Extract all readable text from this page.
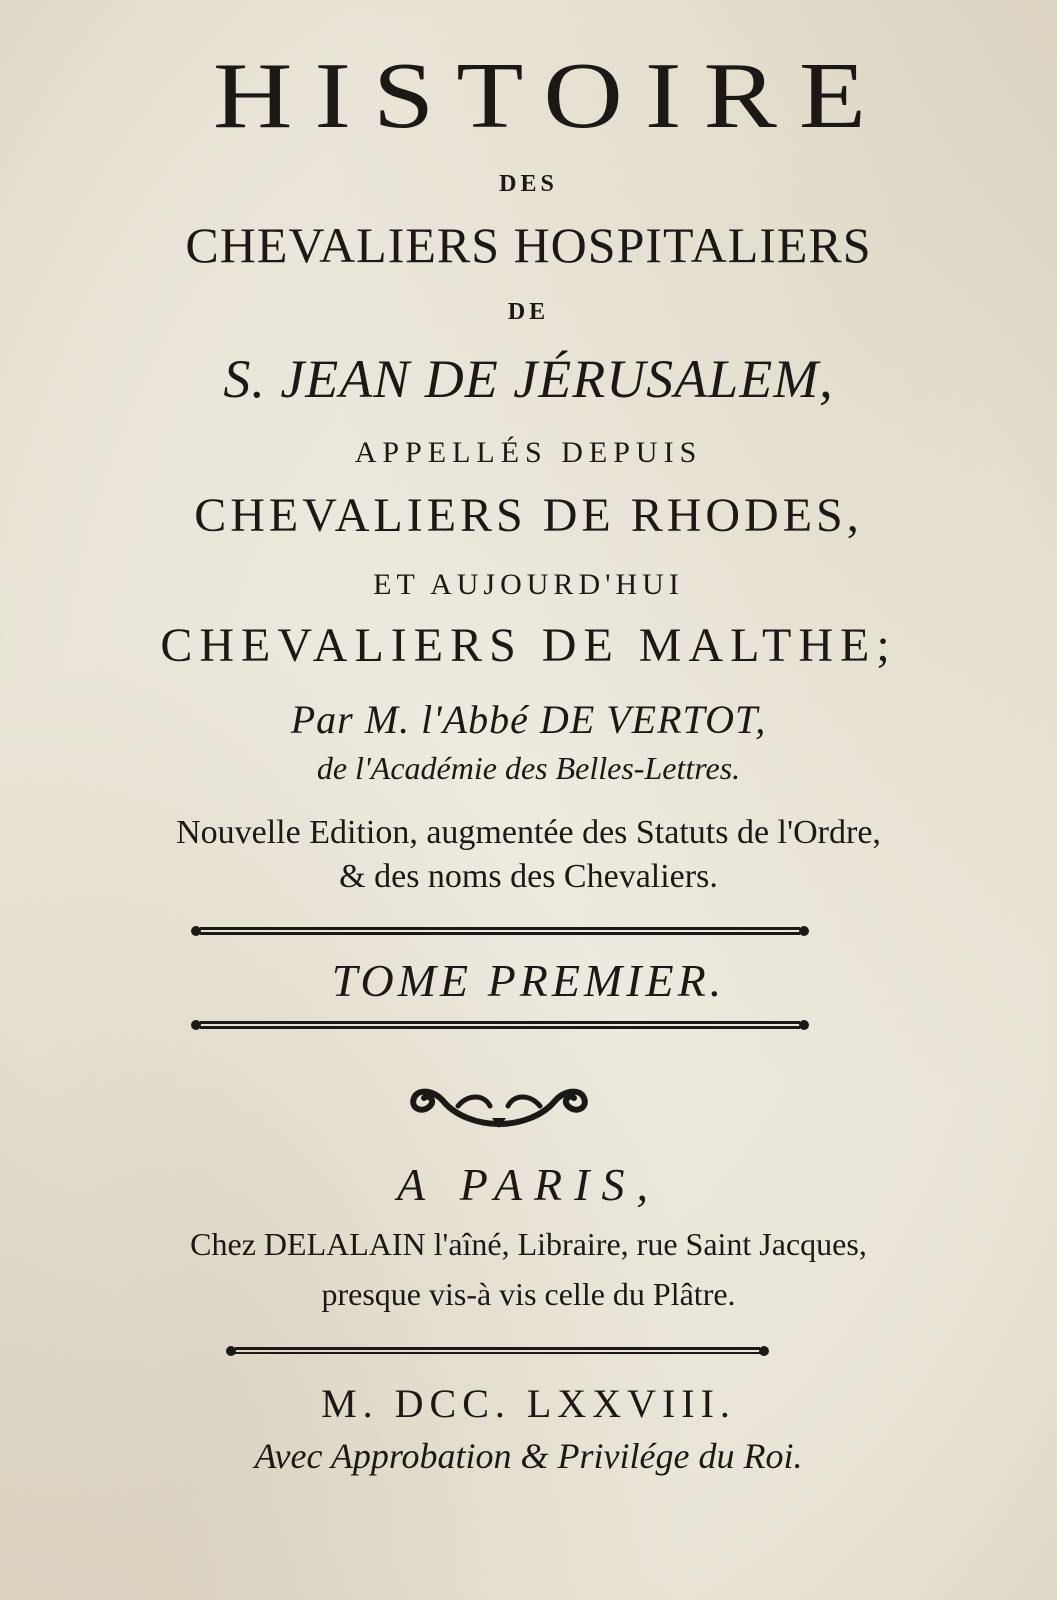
HISTOIRE
DES
CHEVALIERS HOSPITALIERS
DE
S. JEAN DE JÉRUSALEM,
APPELLÉS DEPUIS
CHEVALIERS DE RHODES,
ET AUJOURD'HUI
CHEVALIERS DE MALTHE;
Par M. l'Abbé DE VERTOT,
de l'Académie des Belles-Lettres.
Nouvelle Edition, augmentée des Statuts de l'Ordre,
& des noms des Chevaliers.
TOME PREMIER.
A PARIS,
Chez DELALAIN l'aîné, Libraire, rue Saint Jacques,
presque vis-à vis celle du Plâtre.
M. DCC. LXXVIII.
Avec Approbation & Privilége du Roi.
